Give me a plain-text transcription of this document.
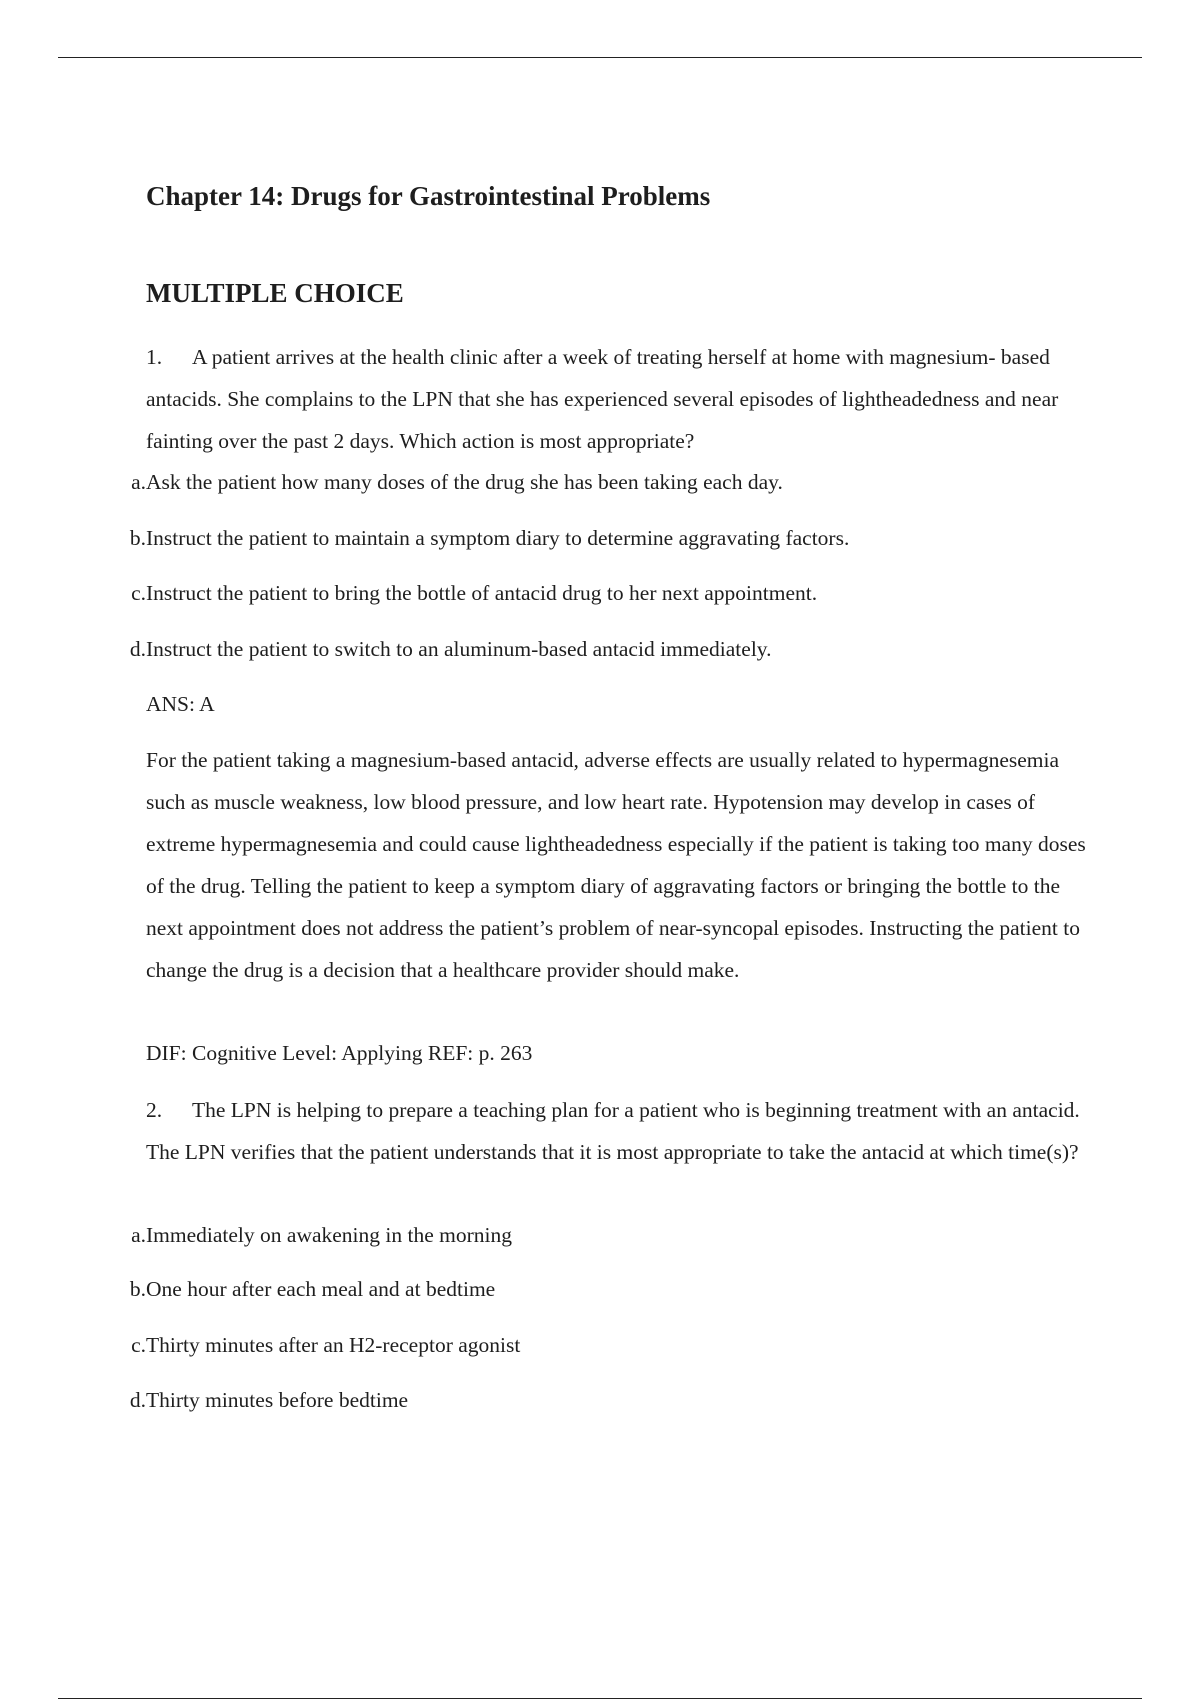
Chapter 14: Drugs for Gastrointestinal Problems
MULTIPLE CHOICE

1. A patient arrives at the health clinic after a week of treating herself at home with magnesium- based antacids. She complains to the LPN that she has experienced several episodes of lightheadedness and near fainting over the past 2 days. Which action is most appropriate?

a.Ask the patient how many doses of the drug she has been taking each day.
b.Instruct the patient to maintain a symptom diary to determine aggravating factors.
c.Instruct the patient to bring the bottle of antacid drug to her next appointment.
d.Instruct the patient to switch to an aluminum-based antacid immediately.
ANS: A

For the patient taking a magnesium-based antacid, adverse effects are usually related to hypermagnesemia such as muscle weakness, low blood pressure, and low heart rate. Hypotension may develop in cases of extreme hypermagnesemia and could cause lightheadedness especially if the patient is taking too many doses of the drug. Telling the patient to keep a symptom diary of aggravating factors or bringing the bottle to the next appointment does not address the patient’s problem of near-syncopal episodes. Instructing the patient to change the drug is a decision that a healthcare provider should make.

DIF: Cognitive Level: Applying REF: p. 263

2. The LPN is helping to prepare a teaching plan for a patient who is beginning treatment with an antacid. The LPN verifies that the patient understands that it is most appropriate to take the antacid at which time(s)?

a.Immediately on awakening in the morning
b.One hour after each meal and at bedtime
c.Thirty minutes after an H2-receptor agonist
d.Thirty minutes before bedtime
